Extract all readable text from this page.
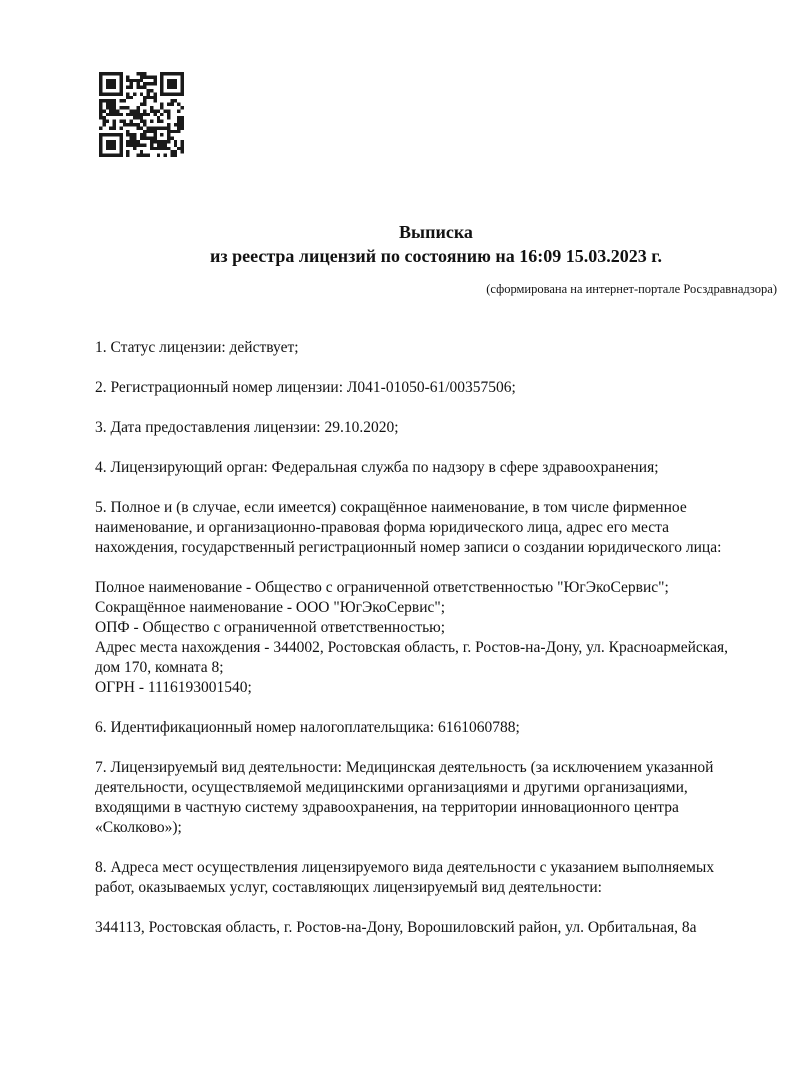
Выписка
из реестра лицензий по состоянию на 16:09 15.03.2023 г.
(сформирована на интернет-портале Росздравнадзора)
1. Статус лицензии: действует;
2. Регистрационный номер лицензии: Л041-01050-61/00357506;
3. Дата предоставления лицензии: 29.10.2020;
4. Лицензирующий орган: Федеральная служба по надзору в сфере здравоохранения;
5. Полное и (в случае, если имеется) сокращённое наименование, в том числе фирменное
наименование, и организационно-правовая форма юридического лица, адрес его места
нахождения, государственный регистрационный номер записи о создании юридического лица:
Полное наименование - Общество с ограниченной ответственностью "ЮгЭкоСервис";
Сокращённое наименование - ООО "ЮгЭкоСервис";
ОПФ - Общество с ограниченной ответственностью;
Адрес места нахождения - 344002, Ростовская область, г. Ростов-на-Дону, ул. Красноармейская,
дом 170, комната 8;
ОГРН - 1116193001540;
6. Идентификационный номер налогоплательщика: 6161060788;
7. Лицензируемый вид деятельности: Медицинская деятельность (за исключением указанной
деятельности, осуществляемой медицинскими организациями и другими организациями,
входящими в частную систему здравоохранения, на территории инновационного центра
«Сколково»);
8. Адреса мест осуществления лицензируемого вида деятельности с указанием выполняемых
работ, оказываемых услуг, составляющих лицензируемый вид деятельности:
344113, Ростовская область, г. Ростов-на-Дону, Ворошиловский район, ул. Орбитальная, 8а
